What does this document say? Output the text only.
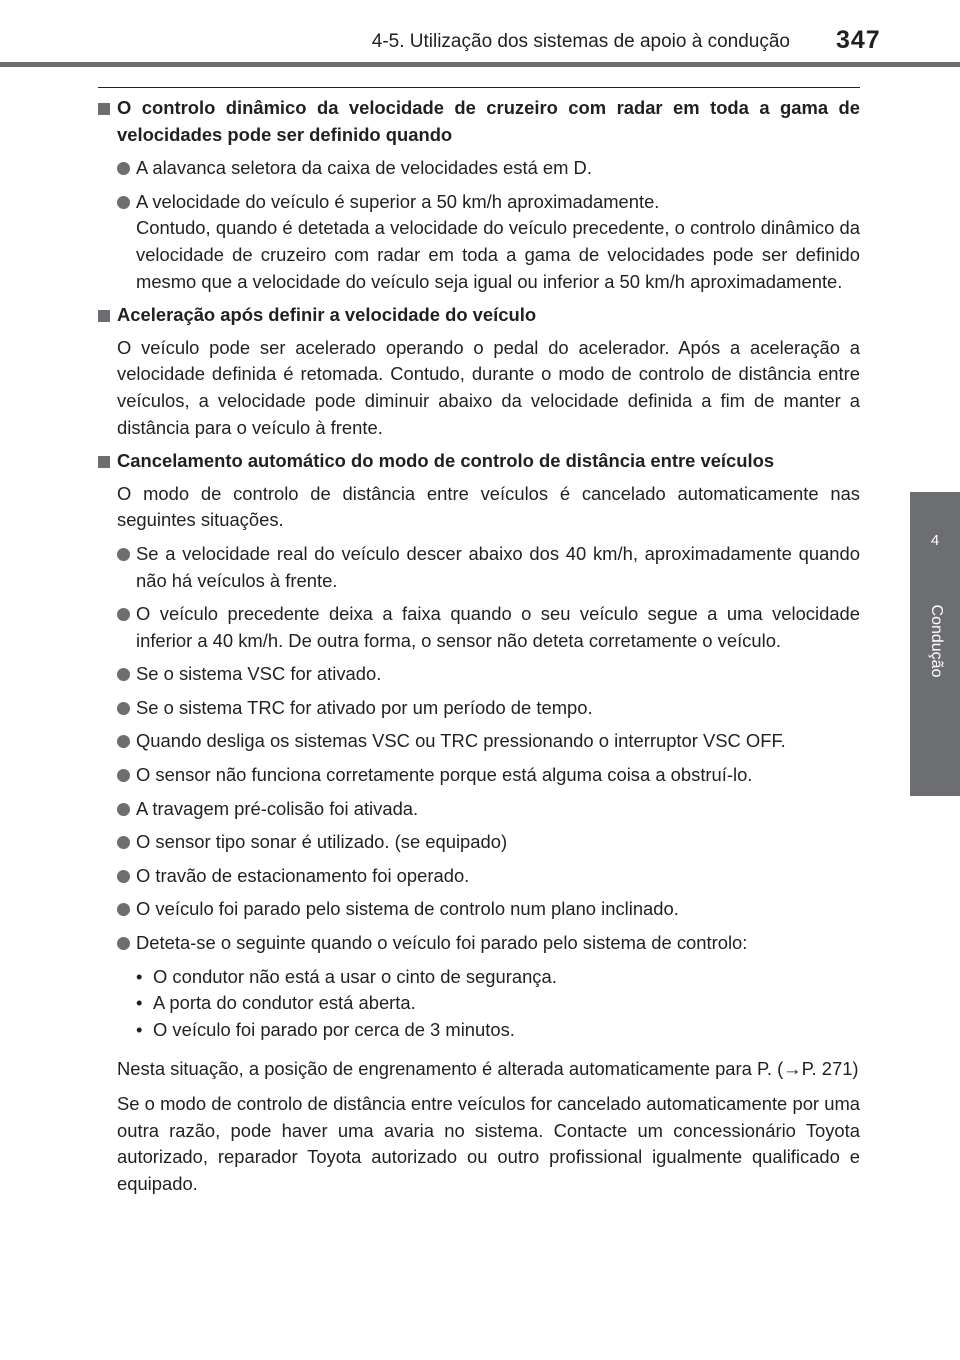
4-5. Utilização dos sistemas de apoio à condução 347
4
Condução
O controlo dinâmico da velocidade de cruzeiro com radar em toda a gama de velocidades pode ser definido quando
A alavanca seletora da caixa de velocidades está em D.
A velocidade do veículo é superior a 50 km/h aproximadamente.
Contudo, quando é detetada a velocidade do veículo precedente, o controlo dinâmico da velocidade de cruzeiro com radar em toda a gama de velocidades pode ser definido mesmo que a velocidade do veículo seja igual ou inferior a 50 km/h aproximadamente.
Aceleração após definir a velocidade do veículo
O veículo pode ser acelerado operando o pedal do acelerador. Após a aceleração a velocidade definida é retomada. Contudo, durante o modo de controlo de distância entre veículos, a velocidade pode diminuir abaixo da velocidade definida a fim de manter a distância para o veículo à frente.
Cancelamento automático do modo de controlo de distância entre veículos
O modo de controlo de distância entre veículos é cancelado automaticamente nas seguintes situações.
Se a velocidade real do veículo descer abaixo dos 40 km/h, aproximadamente quando não há veículos à frente.
O veículo precedente deixa a faixa quando o seu veículo segue a uma velocidade inferior a 40 km/h. De outra forma, o sensor não deteta corretamente o veículo.
Se o sistema VSC for ativado.
Se o sistema TRC for ativado por um período de tempo.
Quando desliga os sistemas VSC ou TRC pressionando o interruptor VSC OFF.
O sensor não funciona corretamente porque está alguma coisa a obstruí-lo.
A travagem pré-colisão foi ativada.
O sensor tipo sonar é utilizado. (se equipado)
O travão de estacionamento foi operado.
O veículo foi parado pelo sistema de controlo num plano inclinado.
Deteta-se o seguinte quando o veículo foi parado pelo sistema de controlo:
• O condutor não está a usar o cinto de segurança.
• A porta do condutor está aberta.
• O veículo foi parado por cerca de 3 minutos.
Nesta situação, a posição de engrenamento é alterada automaticamente para P. (→P. 271)
Se o modo de controlo de distância entre veículos for cancelado automaticamente por uma outra razão, pode haver uma avaria no sistema. Contacte um concessionário Toyota autorizado, reparador Toyota autorizado ou outro profissional igualmente qualificado e equipado.
